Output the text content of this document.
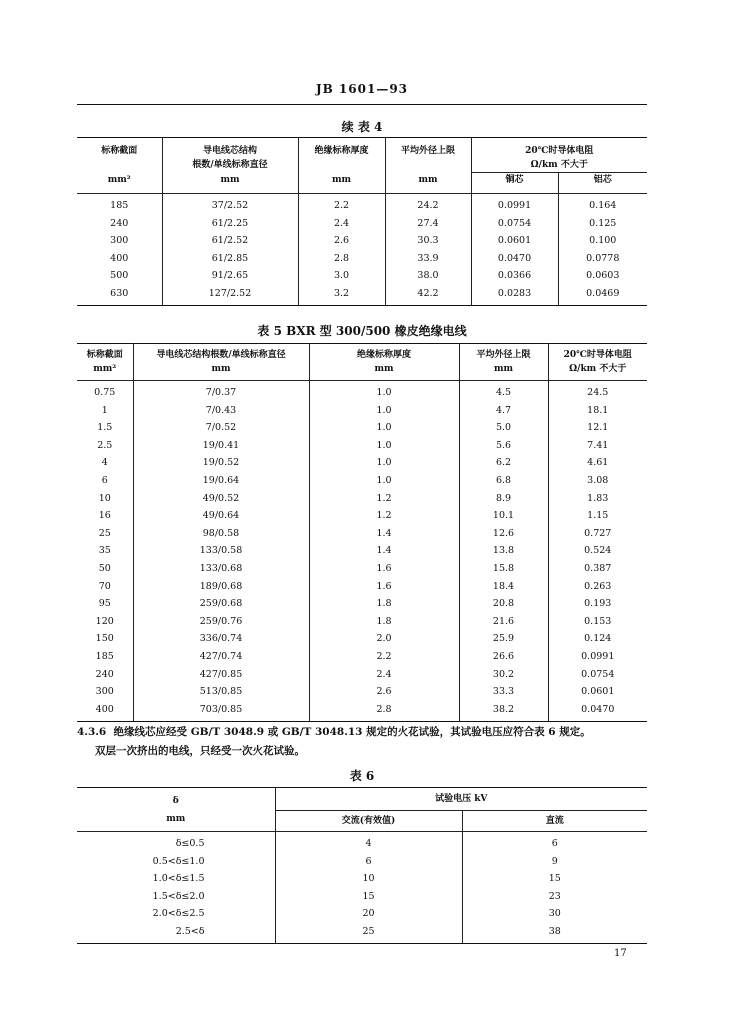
JB 1601—93
续 表 4
标称截面	导电线芯结构	绝缘标称厚度	平均外径上限	20℃时导体电阻	
	根数/单线标称直径			Ω/km 不大于	
mm²	mm	mm	mm	铜芯	铝芯
185	37/2.52	2.2	24.2	0.0991	0.164
240	61/2.25	2.4	27.4	0.0754	0.125
300	61/2.52	2.6	30.3	0.0601	0.100
400	61/2.85	2.8	33.9	0.0470	0.0778
500	91/2.65	3.0	38.0	0.0366	0.0603
630	127/2.52	3.2	42.2	0.0283	0.0469
表 5 BXR 型 300/500 橡皮绝缘电线
标称截面	导电线芯结构根数/单线标称直径	绝缘标称厚度	平均外径上限	20℃时导体电阻
mm²	mm	mm	mm	Ω/km 不大于
0.75	7/0.37	1.0	4.5	24.5
1	7/0.43	1.0	4.7	18.1
1.5	7/0.52	1.0	5.0	12.1
2.5	19/0.41	1.0	5.6	7.41
4	19/0.52	1.0	6.2	4.61
6	19/0.64	1.0	6.8	3.08
10	49/0.52	1.2	8.9	1.83
16	49/0.64	1.2	10.1	1.15
25	98/0.58	1.4	12.6	0.727
35	133/0.58	1.4	13.8	0.524
50	133/0.68	1.6	15.8	0.387
70	189/0.68	1.6	18.4	0.263
95	259/0.68	1.8	20.8	0.193
120	259/0.76	1.8	21.6	0.153
150	336/0.74	2.0	25.9	0.124
185	427/0.74	2.2	26.6	0.0991
240	427/0.85	2.4	30.2	0.0754
300	513/0.85	2.6	33.3	0.0601
400	703/0.85	2.8	38.2	0.0470
4.3.6 绝缘线芯应经受 GB/T 3048.9 或 GB/T 3048.13 规定的火花试验，其试验电压应符合表 6 规定。
双层一次挤出的电线，只经受一次火花试验。
表 6
δ	试验电压 kV	
mm	交流(有效值)	直流
δ≤0.5	4	6
0.5<δ≤1.0	6	9
1.0<δ≤1.5	10	15
1.5<δ≤2.0	15	23
2.0<δ≤2.5	20	30
2.5<δ	25	38
17
